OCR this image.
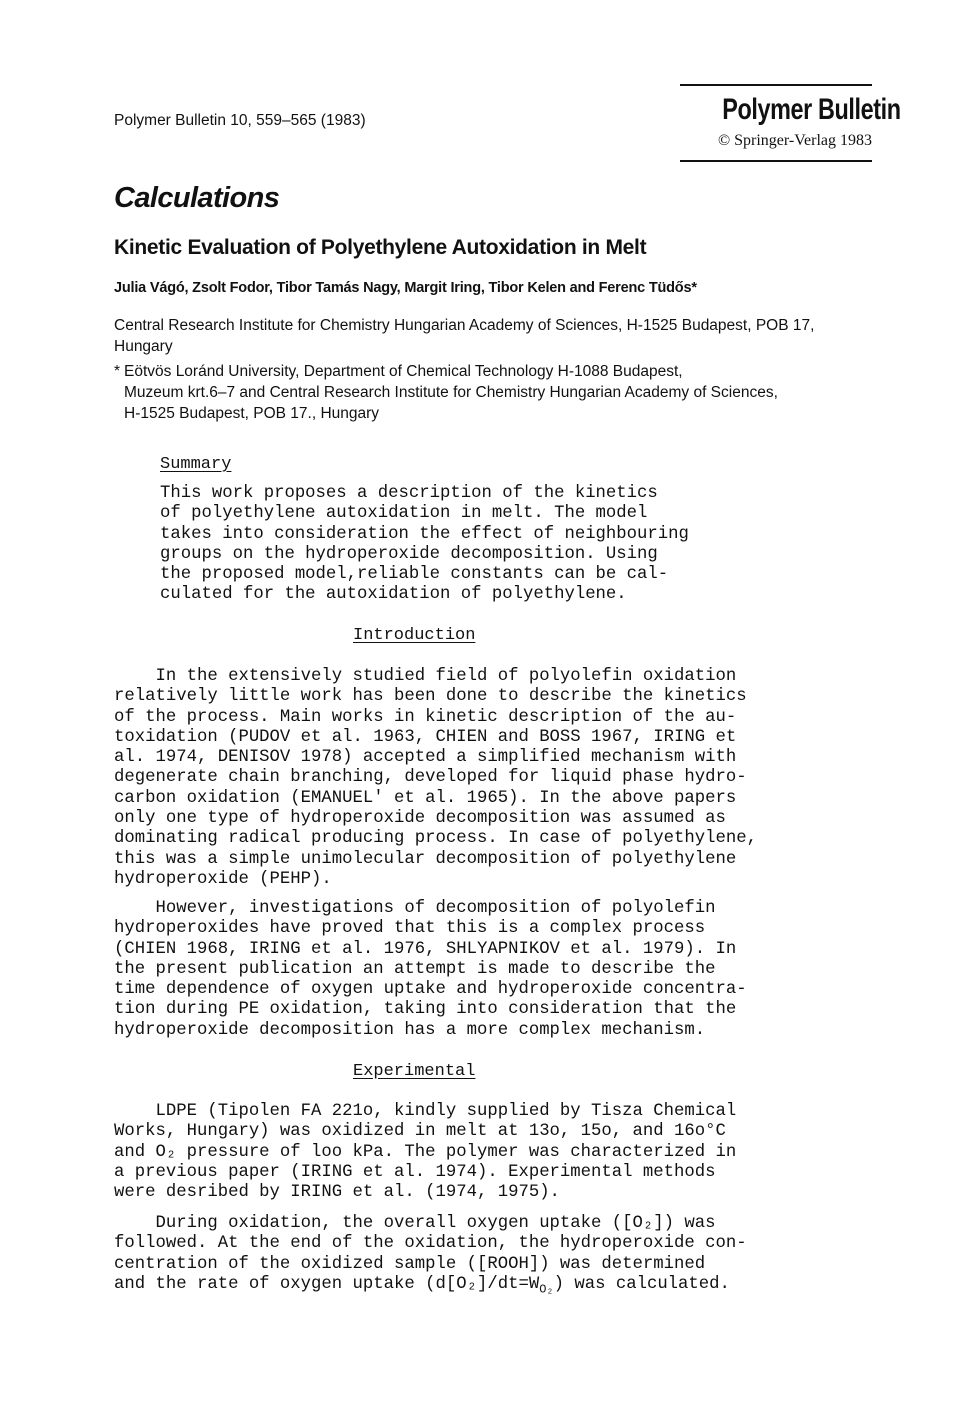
Polymer Bulletin 10, 559–565 (1983)	Polymer Bulletin
© Springer-Verlag 1983
Calculations
Kinetic Evaluation of Polyethylene Autoxidation in Melt
Julia Vágó, Zsolt Fodor, Tibor Tamás Nagy, Margit Iring, Tibor Kelen and Ferenc Tüdős*
Central Research Institute for Chemistry Hungarian Academy of Sciences, H-1525 Budapest, POB 17, Hungary
* Eötvös Loránd University, Department of Chemical Technology H-1088 Budapest,
Muzeum krt.6–7 and Central Research Institute for Chemistry Hungarian Academy of Sciences,
H-1525 Budapest, POB 17., Hungary
Summary
This work proposes a description of the kinetics
of polyethylene autoxidation in melt. The model
takes into consideration the effect of neighbouring
groups on the hydroperoxide decomposition. Using
the proposed model,reliable constants can be cal-
culated for the autoxidation of polyethylene.
Introduction
In the extensively studied field of polyolefin oxidation
relatively little work has been done to describe the kinetics
of the process. Main works in kinetic description of the au-
toxidation (PUDOV et al. 1963, CHIEN and BOSS 1967, IRING et
al. 1974, DENISOV 1978) accepted a simplified mechanism with
degenerate chain branching, developed for liquid phase hydro-
carbon oxidation (EMANUEL' et al. 1965). In the above papers
only one type of hydroperoxide decomposition was assumed as
dominating radical producing process. In case of polyethylene,
this was a simple unimolecular decomposition of polyethylene
hydroperoxide (PEHP).
However, investigations of decomposition of polyolefin
hydroperoxides have proved that this is a complex process
(CHIEN 1968, IRING et al. 1976, SHLYAPNIKOV et al. 1979). In
the present publication an attempt is made to describe the
time dependence of oxygen uptake and hydroperoxide concentra-
tion during PE oxidation, taking into consideration that the
hydroperoxide decomposition has a more complex mechanism.
Experimental
LDPE (Tipolen FA 221o, kindly supplied by Tisza Chemical
Works, Hungary) was oxidized in melt at 13o, 15o, and 16o°C
and O₂ pressure of loo kPa. The polymer was characterized in
a previous paper (IRING et al. 1974). Experimental methods
were desribed by IRING et al. (1974, 1975).
During oxidation, the overall oxygen uptake ([O₂]) was
followed. At the end of the oxidation, the hydroperoxide con-
centration of the oxidized sample ([ROOH]) was determined
and the rate of oxygen uptake $(d[O_2]/dt=W_{O_2})$ was calculated.
